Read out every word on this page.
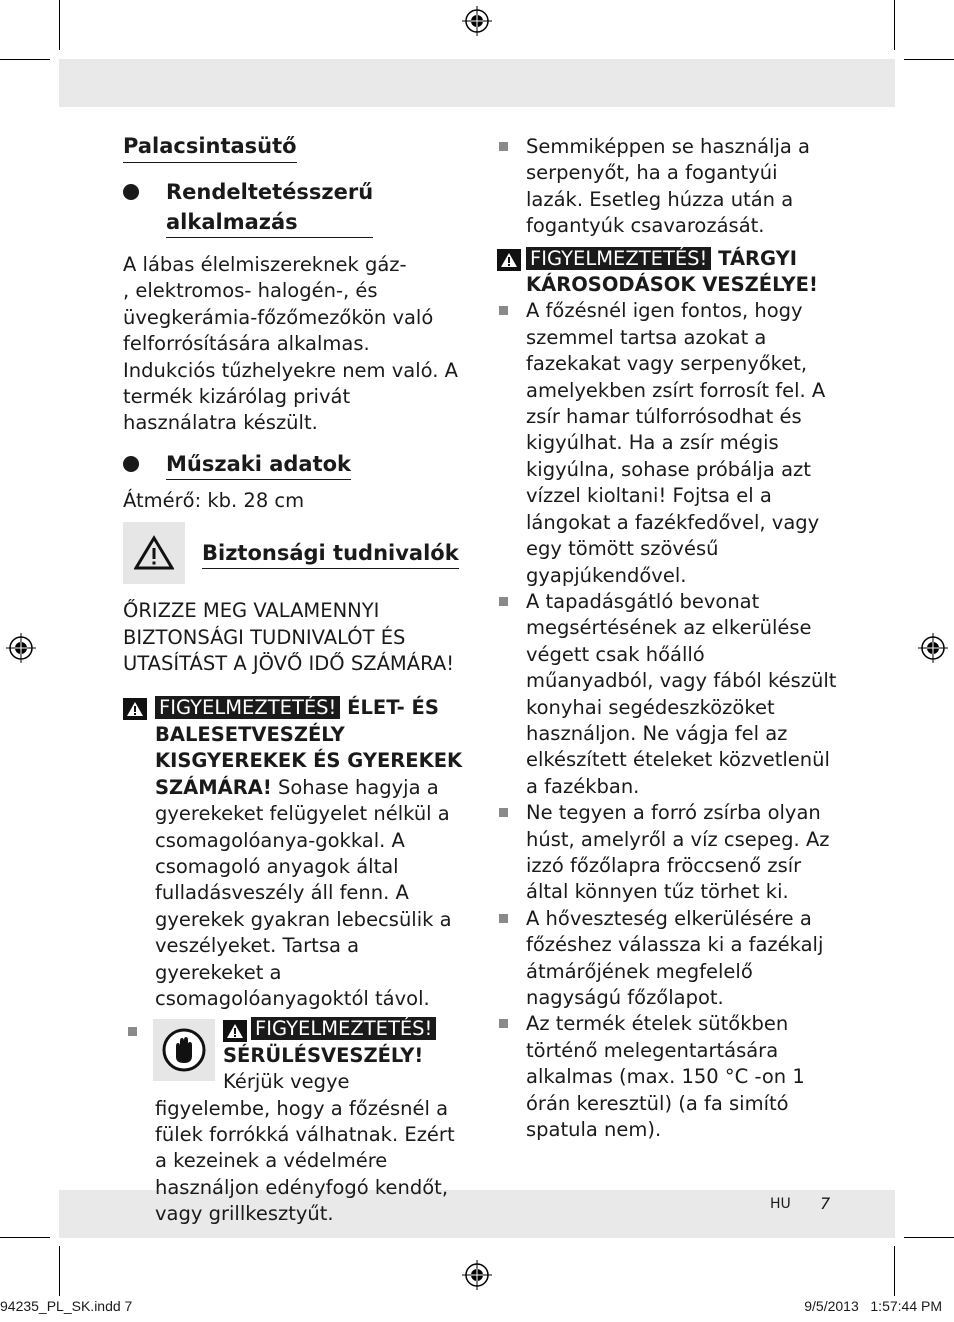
Palacsintasütő
Rendeltetésszerű
alkalmazás
A lábas élelmiszereknek gáz-
, elektromos- halogén-, és üvegkerámia-főzőmezőkön való felforrósítására alkalmas. Indukciós tűzhelyekre nem való. A termék kizárólag privát használatra készült.
Műszaki adatok
Átmérő: kb. 28 cm
Biztonsági tudnivalók
ŐRIZZE MEG VALAMENNYI BIZTONSÁGI TUDNIVALÓT ÉS UTASÍTÁST A JÖVŐ IDŐ SZÁMÁRA!
FIGYELMEZTETÉS! ÉLET- ÉS BALESETVESZÉLY KISGYEREKEK ÉS GYEREKEK SZÁMÁRA! Sohase hagyja a gyerekeket felügyelet nélkül a csomagolóanya-gokkal. A csomagoló anyagok által fulladásveszély áll fenn. A gyerekek gyakran lebecsülik a veszélyeket. Tartsa a gyerekeket a csomagolóanyagoktól távol.
FIGYELMEZTETÉS!
SÉRÜLÉSVESZÉLY!
Kérjük vegye figyelembe, hogy a főzésnél a fülek forrókká válhatnak. Ezért a kezeinek a védelmére használjon edényfogó kendőt, vagy grillkesztyűt.
Semmiképpen se használja a serpenyőt, ha a fogantyúi lazák. Esetleg húzza után a fogantyúk csavarozását.
FIGYELMEZTETÉS! TÁRGYI KÁROSODÁSOK VESZÉLYE!
A főzésnél igen fontos, hogy szemmel tartsa azokat a fazekakat vagy serpenyőket, amelyekben zsírt forrosít fel. A zsír hamar túlforrósodhat és kigyúlhat. Ha a zsír mégis kigyúlna, sohase próbálja azt vízzel kioltani! Fojtsa el a lángokat a fazékfedővel, vagy egy tömött szövésű gyapjúkendővel.
A tapadásgátló bevonat megsértésének az elkerülése végett csak hőálló műanyadból, vagy fából készült konyhai segédeszközöket használjon. Ne vágja fel az elkészített ételeket közvetlenül a fazékban.
Ne tegyen a forró zsírba olyan húst, amelyről a víz csepeg. Az izzó főzőlapra fröccsenő zsír által könnyen tűz törhet ki.
A hőveszteség elkerülésére a főzéshez válassza ki a fazékalj átmárőjének megfelelő nagyságú főzőlapot.
Az termék ételek sütőkben történő melegentartására alkalmas (max. 150 °C -on 1 órán keresztül) (a fa simító spatula nem).
HU 7
94235_PL_SK.indd 7	9/5/2013   1:57:44 PM
